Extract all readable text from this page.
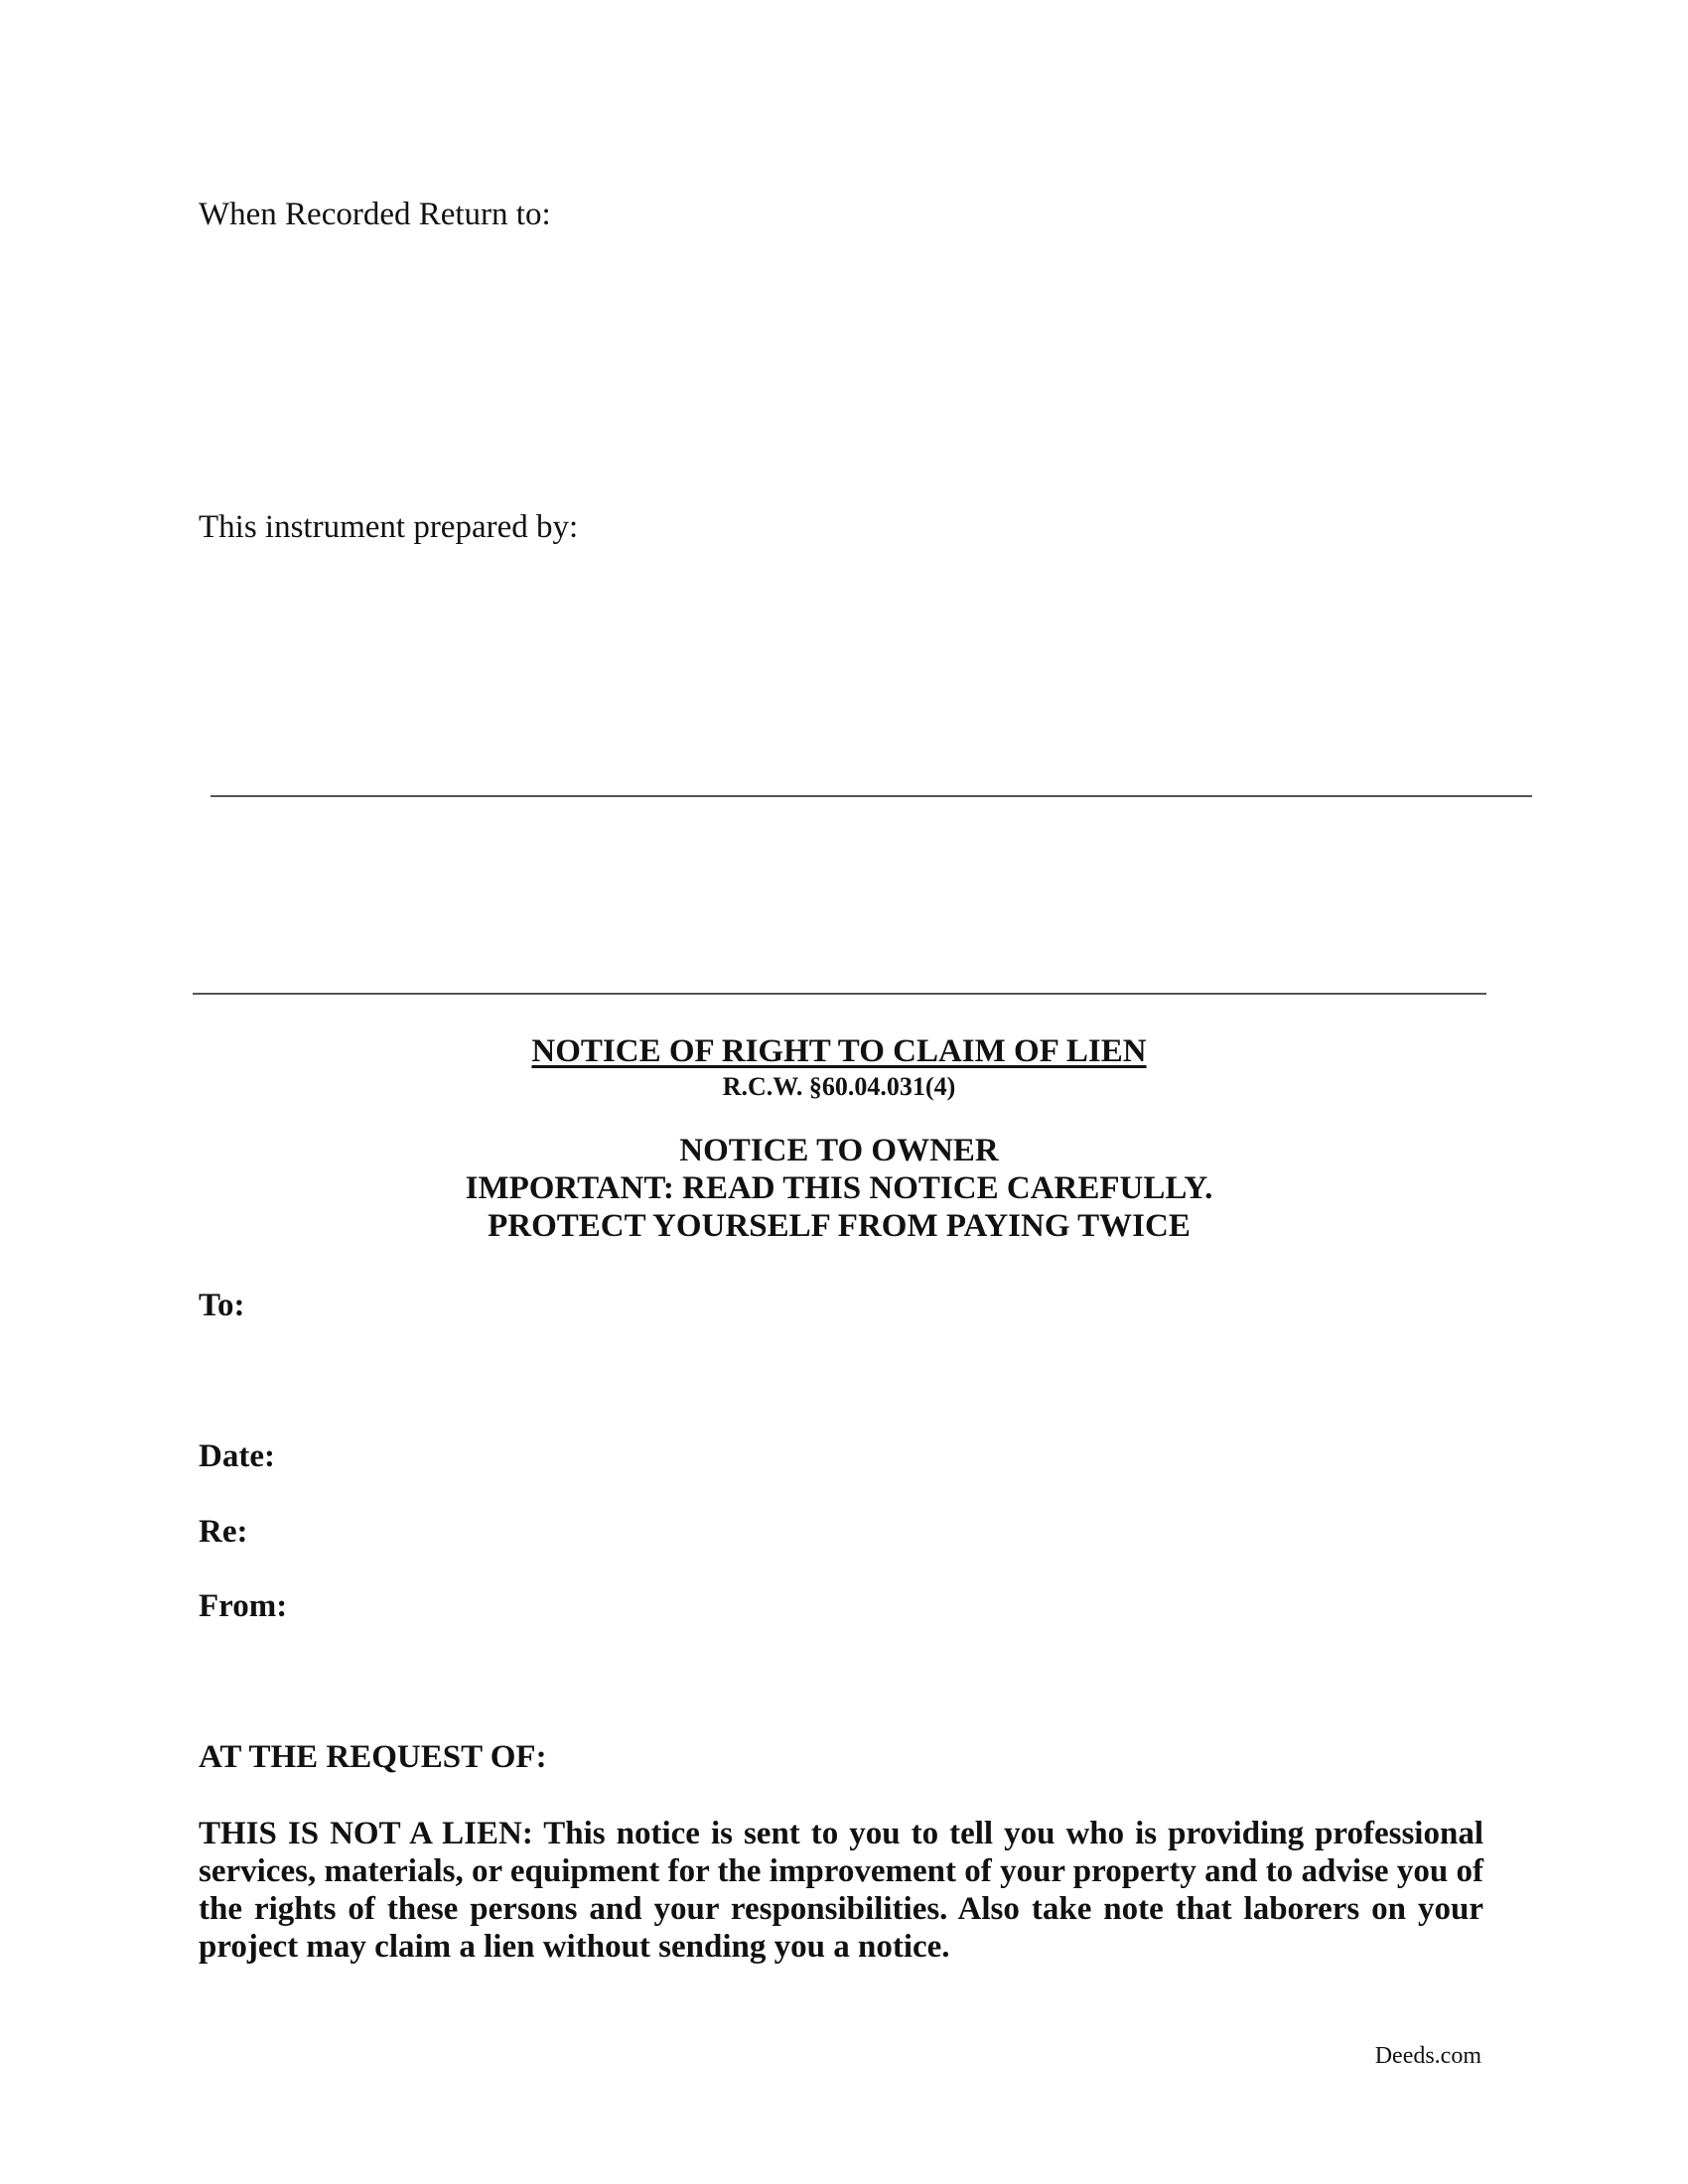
When Recorded Return to:
This instrument prepared by:
NOTICE OF RIGHT TO CLAIM OF LIEN
R.C.W. §60.04.031(4)
NOTICE TO OWNER
IMPORTANT: READ THIS NOTICE CAREFULLY.
PROTECT YOURSELF FROM PAYING TWICE
To:
Date:
Re:
From:
AT THE REQUEST OF:
THIS IS NOT A LIEN: This notice is sent to you to tell you who is providing professional services, materials, or equipment for the improvement of your property and to advise you of the rights of these persons and your responsibilities. Also take note that laborers on your project may claim a lien without sending you a notice.
Deeds.com
